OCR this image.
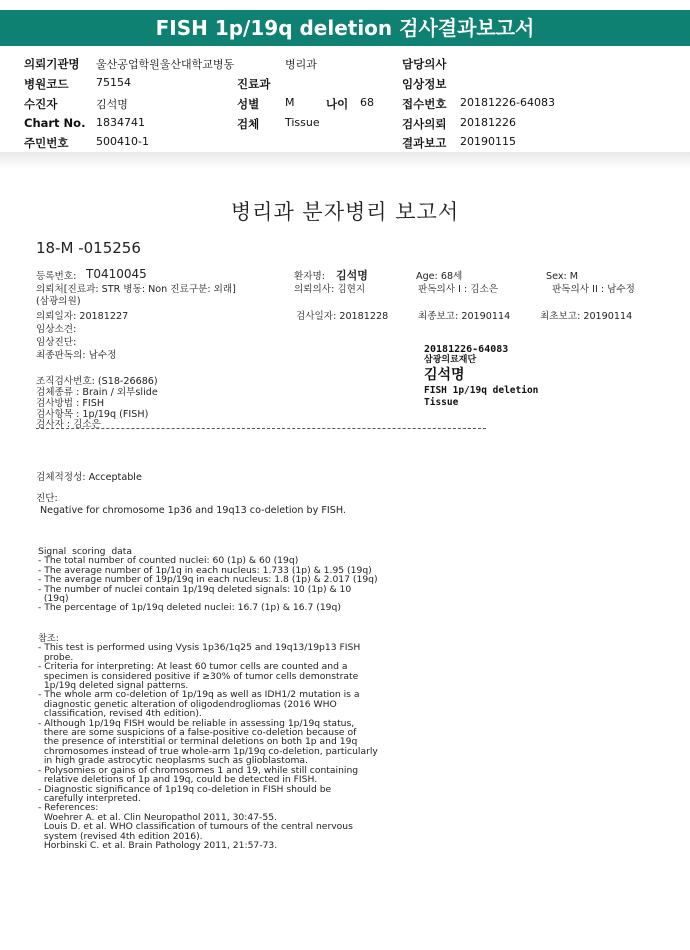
FISH 1p/19q deletion 검사결과보고서
의뢰기관명 울산공업학원울산대학교병동	병리과	담당의사
병원코드	75154	진료과	임상정보
수진자	김석명	성별 M	나이 68 접수번호 20181226-64083
Chart No. 1834741	검체 Tissue	검사의뢰 20181226
주민번호	500410-1	결과보고 20190115
병리과 분자병리 보고서
18-M -015256
등록번호: T0410045	환자명: 김석명	Age: 68세	Sex: M
의뢰처[진료과: STR 병동: Non 진료구분: 외래]	의뢰의사: 김현지	판독의사 I : 김소은	판독의사 II : 남수정
(삼광의원)
의뢰일자: 20181227	검사일자: 20181228	최종보고: 20190114	최초보고: 20190114
임상소견:
임상진단:
최종판독의: 남수정
20181226-64083
삼광의료재단
김석명
FISH 1p/19q deletion
Tissue
조직검사번호: (S18-26686)
검체종류 : Brain / 외부slide
검사방법 : FISH
검사항목 : 1p/19q (FISH)
검사자 : 김소은
검체적정성: Acceptable
진단:
Negative for chromosome 1p36 and 19q13 co-deletion by FISH.
Signal  scoring  data
- The total number of counted nuclei: 60 (1p) & 60 (19q)
- The average number of 1p/1q in each nucleus: 1.733 (1p) & 1.95 (19q)
- The average number of 19p/19q in each nucleus: 1.8 (1p) & 2.017 (19q)
- The number of nuclei contain 1p/19q deleted signals: 10 (1p) & 10
(19q)
- The percentage of 1p/19q deleted nuclei: 16.7 (1p) & 16.7 (19q)
참조:
- This test is performed using Vysis 1p36/1q25 and 19q13/19p13 FISH
probe.
- Criteria for interpreting: At least 60 tumor cells are counted and a
specimen is considered positive if ≥30% of tumor cells demonstrate
1p/19q deleted signal patterns.
- The whole arm co-deletion of 1p/19q as well as IDH1/2 mutation is a
diagnostic genetic alteration of oligodendrogliomas (2016 WHO
classification, revised 4th edition).
- Although 1p/19q FISH would be reliable in assessing 1p/19q status,
there are some suspicions of a false-positive co-deletion because of
the presence of interstitial or terminal deletions on both 1p and 19q
chromosomes instead of true whole-arm 1p/19q co-deletion, particularly
in high grade astrocytic neoplasms such as glioblastoma.
- Polysomies or gains of chromosomes 1 and 19, while still containing
relative deletions of 1p and 19q, could be detected in FISH.
- Diagnostic significance of 1p19q co-deletion in FISH should be
carefully interpreted.
- References:
Woehrer A. et al. Clin Neuropathol 2011, 30:47-55.
Louis D. et al. WHO classification of tumours of the central nervous
system (revised 4th edition 2016).
Horbinski C. et al. Brain Pathology 2011, 21:57-73.
